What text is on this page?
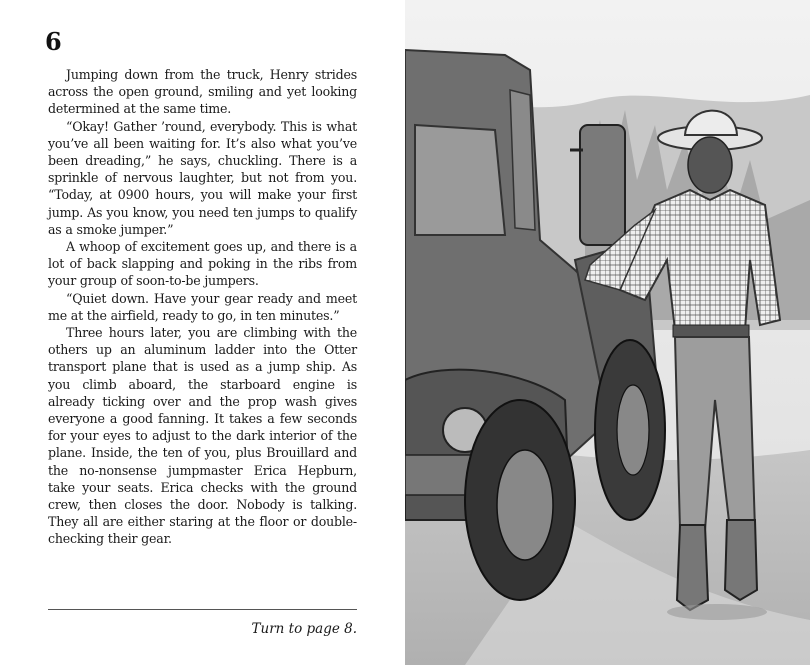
6

Jumping down from the truck, Henry strides across the open ground, smiling and yet looking determined at the same time.

“Okay! Gather ’round, everybody. This is what you’ve all been waiting for. It’s also what you’ve been dreading,” he says, chuckling. There is a sprinkle of nervous laughter, but not from you. “Today, at 0900 hours, you will make your first jump. As you know, you need ten jumps to qualify as a smoke jumper.”

A whoop of excitement goes up, and there is a lot of back slapping and poking in the ribs from your group of soon-to-be jumpers.

“Quiet down. Have your gear ready and meet me at the airfield, ready to go, in ten minutes.”

Three hours later, you are climbing with the others up an aluminum ladder into the Otter transport plane that is used as a jump ship. As you climb aboard, the starboard engine is already ticking over and the prop wash gives everyone a good fanning. It takes a few seconds for your eyes to adjust to the dark interior of the plane. Inside, the ten of you, plus Brouillard and the no-nonsense jumpmaster Erica Hepburn, take your seats. Erica checks with the ground crew, then closes the door. Nobody is talking. They all are either staring at the floor or double-checking their gear.

Turn to page 8.
